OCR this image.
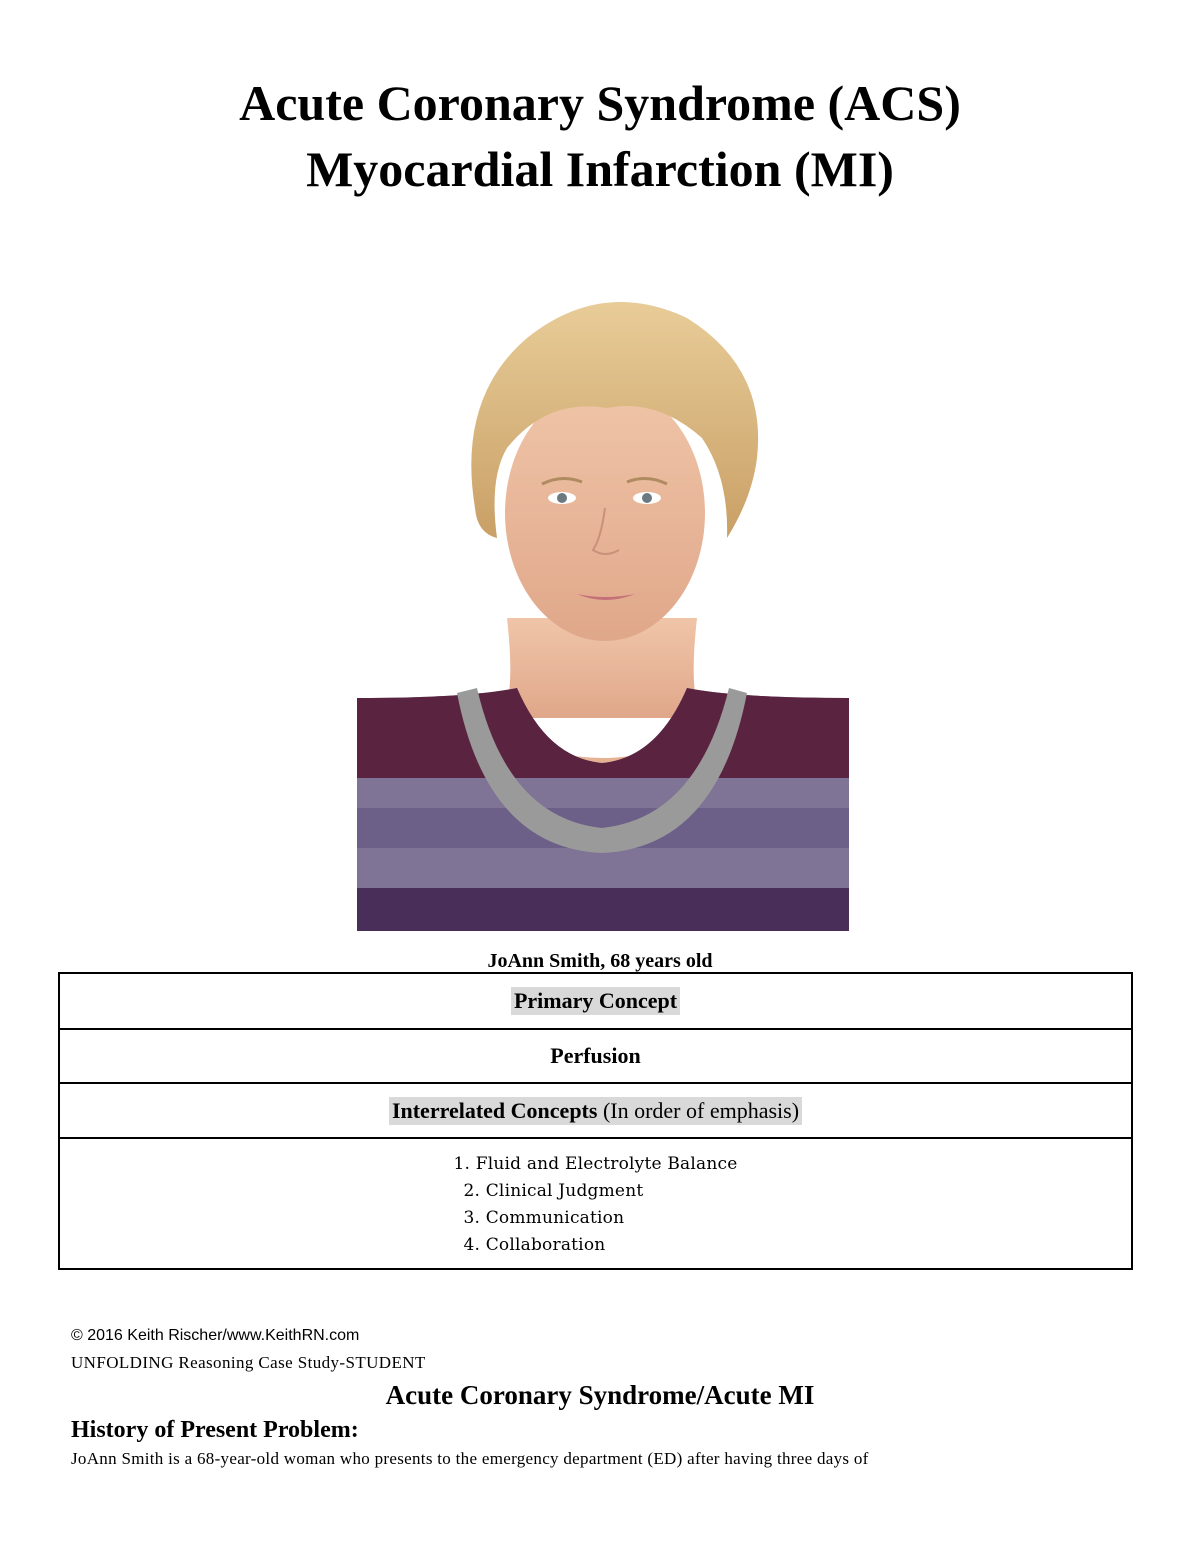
Acute Coronary Syndrome (ACS)
Myocardial Infarction (MI)
JoAnn Smith, 68 years old
Primary Concept
Perfusion
Interrelated Concepts (In order of emphasis)
1. Fluid and Electrolyte Balance
2. Clinical Judgment
3. Communication
4. Collaboration
© 2016 Keith Rischer/www.KeithRN.com
UNFOLDING Reasoning Case Study-STUDENT
Acute Coronary Syndrome/Acute MI
History of Present Problem:
JoAnn Smith is a 68-year-old woman who presents to the emergency department (ED) after having three days of
